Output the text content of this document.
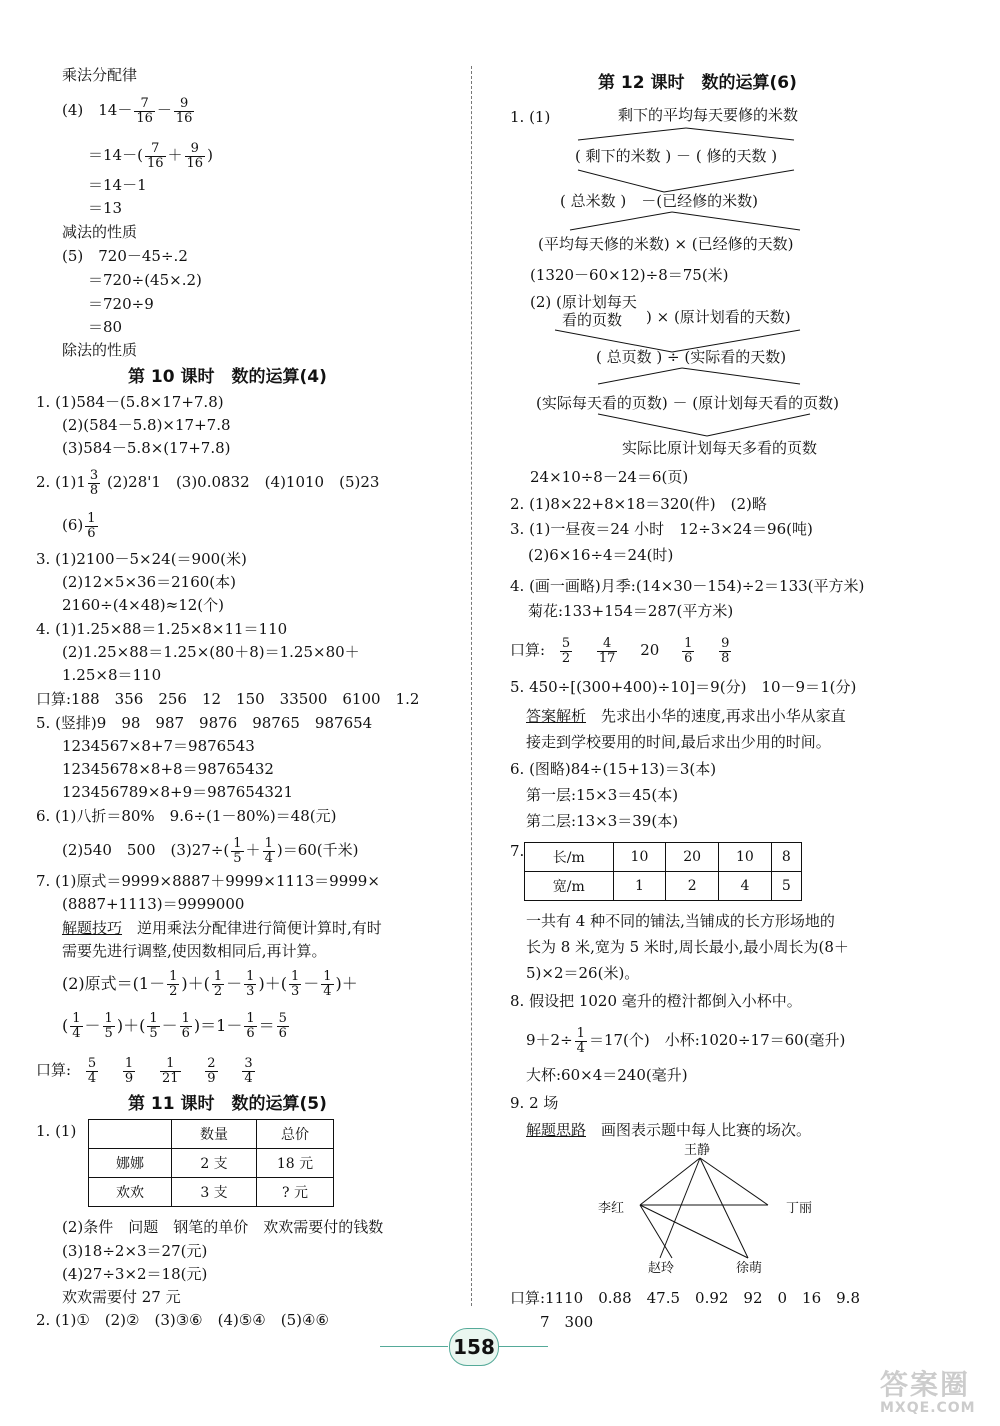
乘法分配律
(4)　$14- \frac{7}{16} - \frac{9}{16}$
$=14-( \frac{7}{16} + \frac{9}{16}$ )
＝14－1
＝13
减法的性质
(5)　720－45÷.2
＝720÷(45×.2)
＝720÷9
＝80
除法的性质
第 10 课时　数的运算(4)
1. (1)584－(5.8×17+7.8)
(2)(584－5.8)×17+7.8
(3)584－5.8×(17+7.8)
2. $(1)1 \frac{3}{8} (2)28'1$　(3)0.0832　(4)1010　(5)23
$(6) \frac{1}{6}$
3. (1)2100－5×24(＝900(米)
(2)12×5×36＝2160(本)
2160÷(4×48)≈12(个)
4. (1)1.25×88＝1.25×8×11＝110
(2)1.25×88＝1.25×(80＋8)＝1.25×80＋
1.25×8＝110
口算:188　356　256　12　150　33500　6100　1.2
5. (竖排)9　98　987　9876　98765　987654
1234567×8+7＝9876543
12345678×8+8＝98765432
123456789×8+9＝987654321
6. (1)八折＝80%　9.6÷(1－80%)＝48(元)
(2)540　500　$(3)27\div( \frac{1}{5} + \frac{1}{4} )=60$(千米)
7. (1)原式＝9999×8887＋9999×1113＝9999×
(8887+1113)＝9999000
解题技巧　逆用乘法分配律进行简便计算时,有时
需要先进行调整,使因数相同后,再计算。
(2)原式$=(1- \frac{1}{2}$ )＋( $\frac{1}{2} - \frac{1}{3}$ )＋( $\frac{1}{3} - \frac{1}{4}$ )＋
( $\frac{1}{4} - \frac{1}{5}$ )＋( $\frac{1}{5} - \frac{1}{6} )=1- \frac{1}{6} = \frac{5}{6}$
口算: $\frac{5}{4}$
$\frac{1}{9}$
$\frac{1}{21}$
$\frac{2}{9}$
$\frac{3}{4}$
第 11 课时　数的运算(5)
1. (1)
		数量	总价
娜娜	2 支	18 元
欢欢	3 支	? 元
(2)条件　问题　钢笔的单价　欢欢需要付的钱数
(3)18÷2×3＝27(元)
(4)27÷3×2＝18(元)
欢欢需要付 27 元
2. (1)①　(2)②　(3)③⑥　(4)⑤④　(5)④⑥
第 12 课时　数的运算(6)
1. (1)	剩下的平均每天要修的米数
( 剩下的米数 ) － ( 修的天数 )
( 总米数 )　 －(已经修的米数)
(平均每天修的米数) × (已经修的天数)
(1320－60×12)÷8＝75(米)
(2) (原计划每天
看的页数 ) × (原计划看的天数)
( 总页数 ) ÷ (实际看的天数)
(实际每天看的页数) － (原计划每天看的页数)
实际比原计划每天多看的页数
24×10÷8－24＝6(页)
2. (1)8×22+8×18＝320(件)　(2)略
3. (1)一昼夜＝24 小时　12÷3×24＝96(吨)
(2)6×16÷4＝24(时)
4. (画一画略)月季:(14×30－154)÷2＝133(平方米)
菊花:133+154＝287(平方米)
口算: $\frac{5}{2}$
$\frac{4}{17} 20 \frac{1}{6}$
$\frac{9}{8}$
5. 450÷[(300+400)÷10]＝9(分)　10－9＝1(分)
答案解析　先求出小华的速度,再求出小华从家直
接走到学校要用的时间,最后求出少用的时间。
6. (图略)84÷(15+13)＝3(本)
第一层:15×3＝45(本)
第二层:13×3＝39(本)
7. 长/m	10	20	10	8
宽/m	1	2	4	5
一共有 4 种不同的铺法,当铺成的长方形场地的
长为 8 米,宽为 5 米时,周长最小,最小周长为(8＋
5)×2＝26(米)。
8. 假设把 1020 毫升的橙汁都倒入小杯中。
$9+2\div \frac{1}{4} =17$(个)　小杯:1020÷17＝60(毫升)
大杯:60×4＝240(毫升)
9. 2 场
解题思路　画图表示题中每人比赛的场次。
王静
李红	丁丽
赵玲	徐萌
口算:1110　0.88　47.5　0.92　92　0　16　9.8
7　300
158
答案圈
MXQE.COM
